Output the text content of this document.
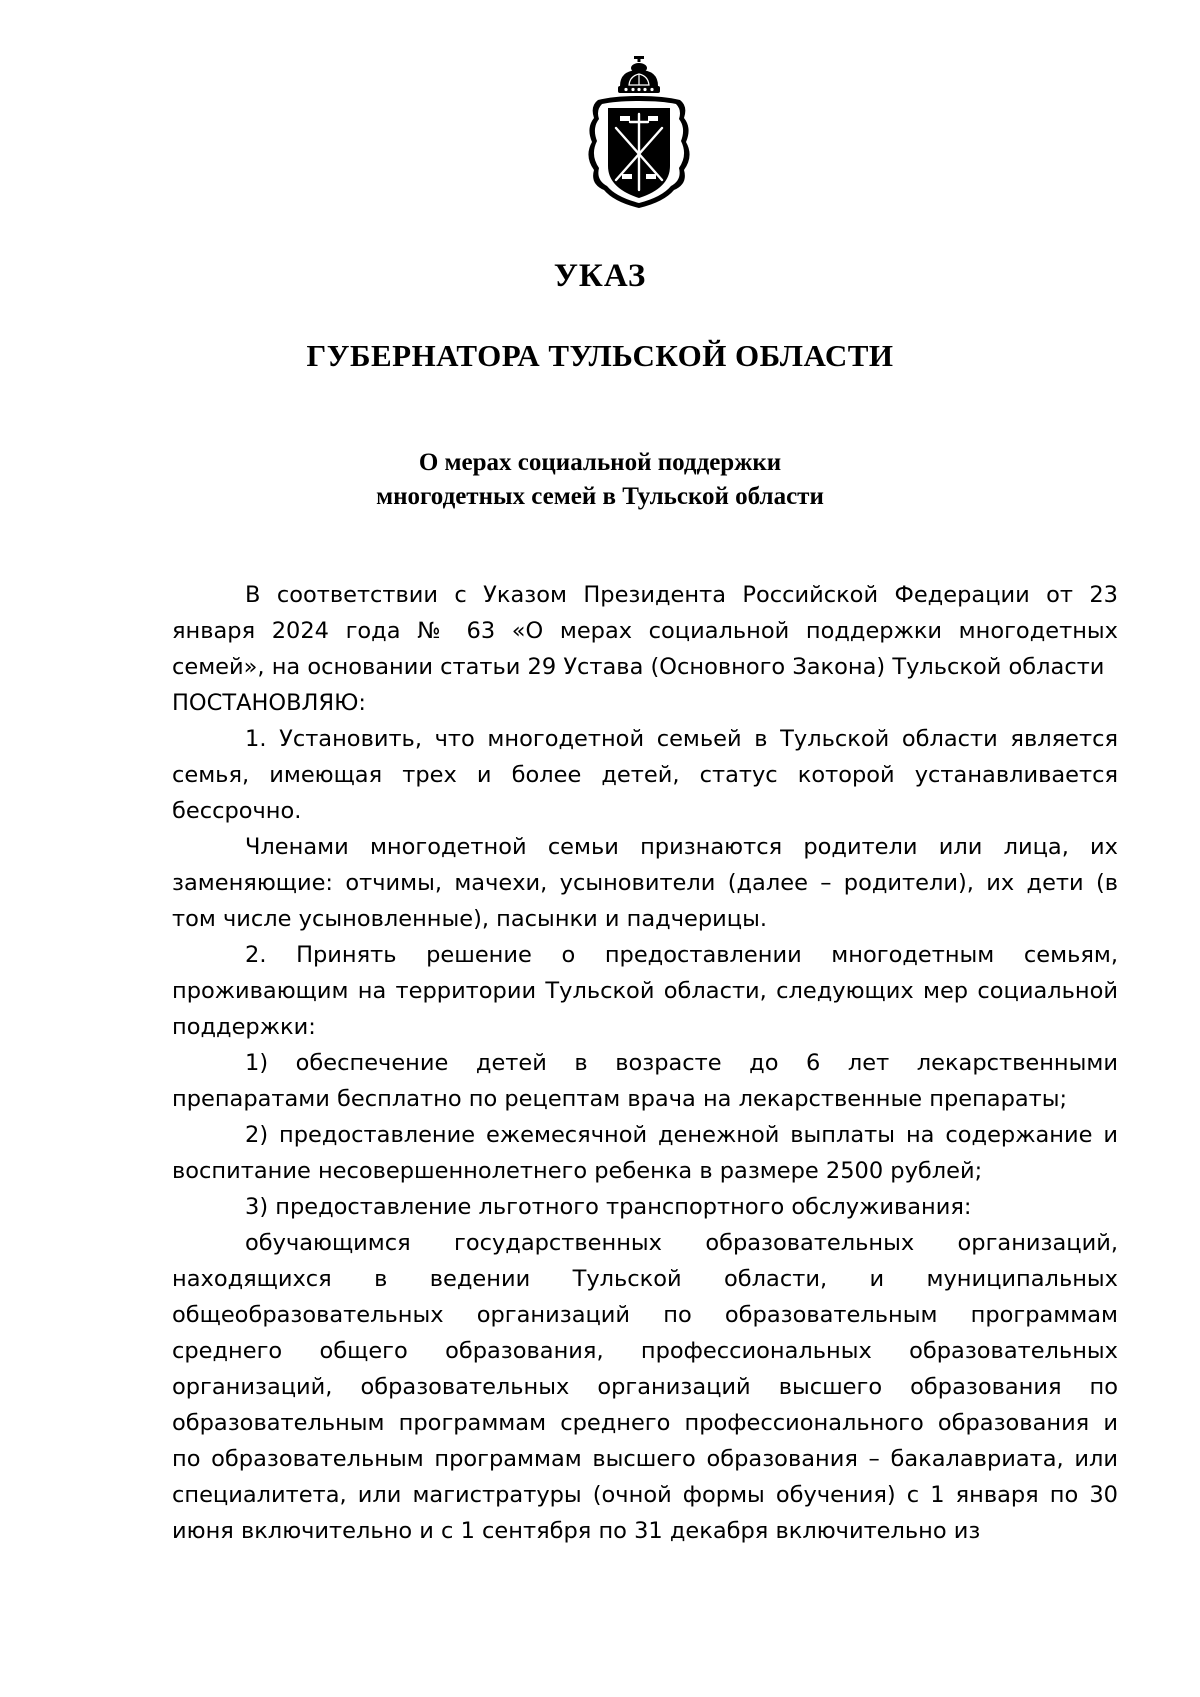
УКАЗ
ГУБЕРНАТОРА ТУЛЬСКОЙ ОБЛАСТИ
О мерах социальной поддержки
многодетных семей в Тульской области

В соответствии с Указом Президента Российской Федерации от 23 января 2024 года № 63 «О мерах социальной поддержки многодетных семей», на основании статьи 29 Устава (Основного Закона) Тульской области

ПОСТАНОВЛЯЮ:

1. Установить, что многодетной семьей в Тульской области является семья, имеющая трех и более детей, статус которой устанавливается бессрочно.

Членами многодетной семьи признаются родители или лица, их заменяющие: отчимы, мачехи, усыновители (далее – родители), их дети (в том числе усыновленные), пасынки и падчерицы.

2. Принять решение о предоставлении многодетным семьям, проживающим на территории Тульской области, следующих мер социальной поддержки:

1) обеспечение детей в возрасте до 6 лет лекарственными препаратами бесплатно по рецептам врача на лекарственные препараты;

2) предоставление ежемесячной денежной выплаты на содержание и воспитание несовершеннолетнего ребенка в размере 2500 рублей;

3) предоставление льготного транспортного обслуживания:

обучающимся государственных образовательных организаций, находящихся в ведении Тульской области, и муниципальных общеобразовательных организаций по образовательным программам среднего общего образования, профессиональных образовательных организаций, образовательных организаций высшего образования по образовательным программам среднего профессионального образования и по образовательным программам высшего образования – бакалавриата, или специалитета, или магистратуры (очной формы обучения) с 1 января по 30 июня включительно и с 1 сентября по 31 декабря включительно из
